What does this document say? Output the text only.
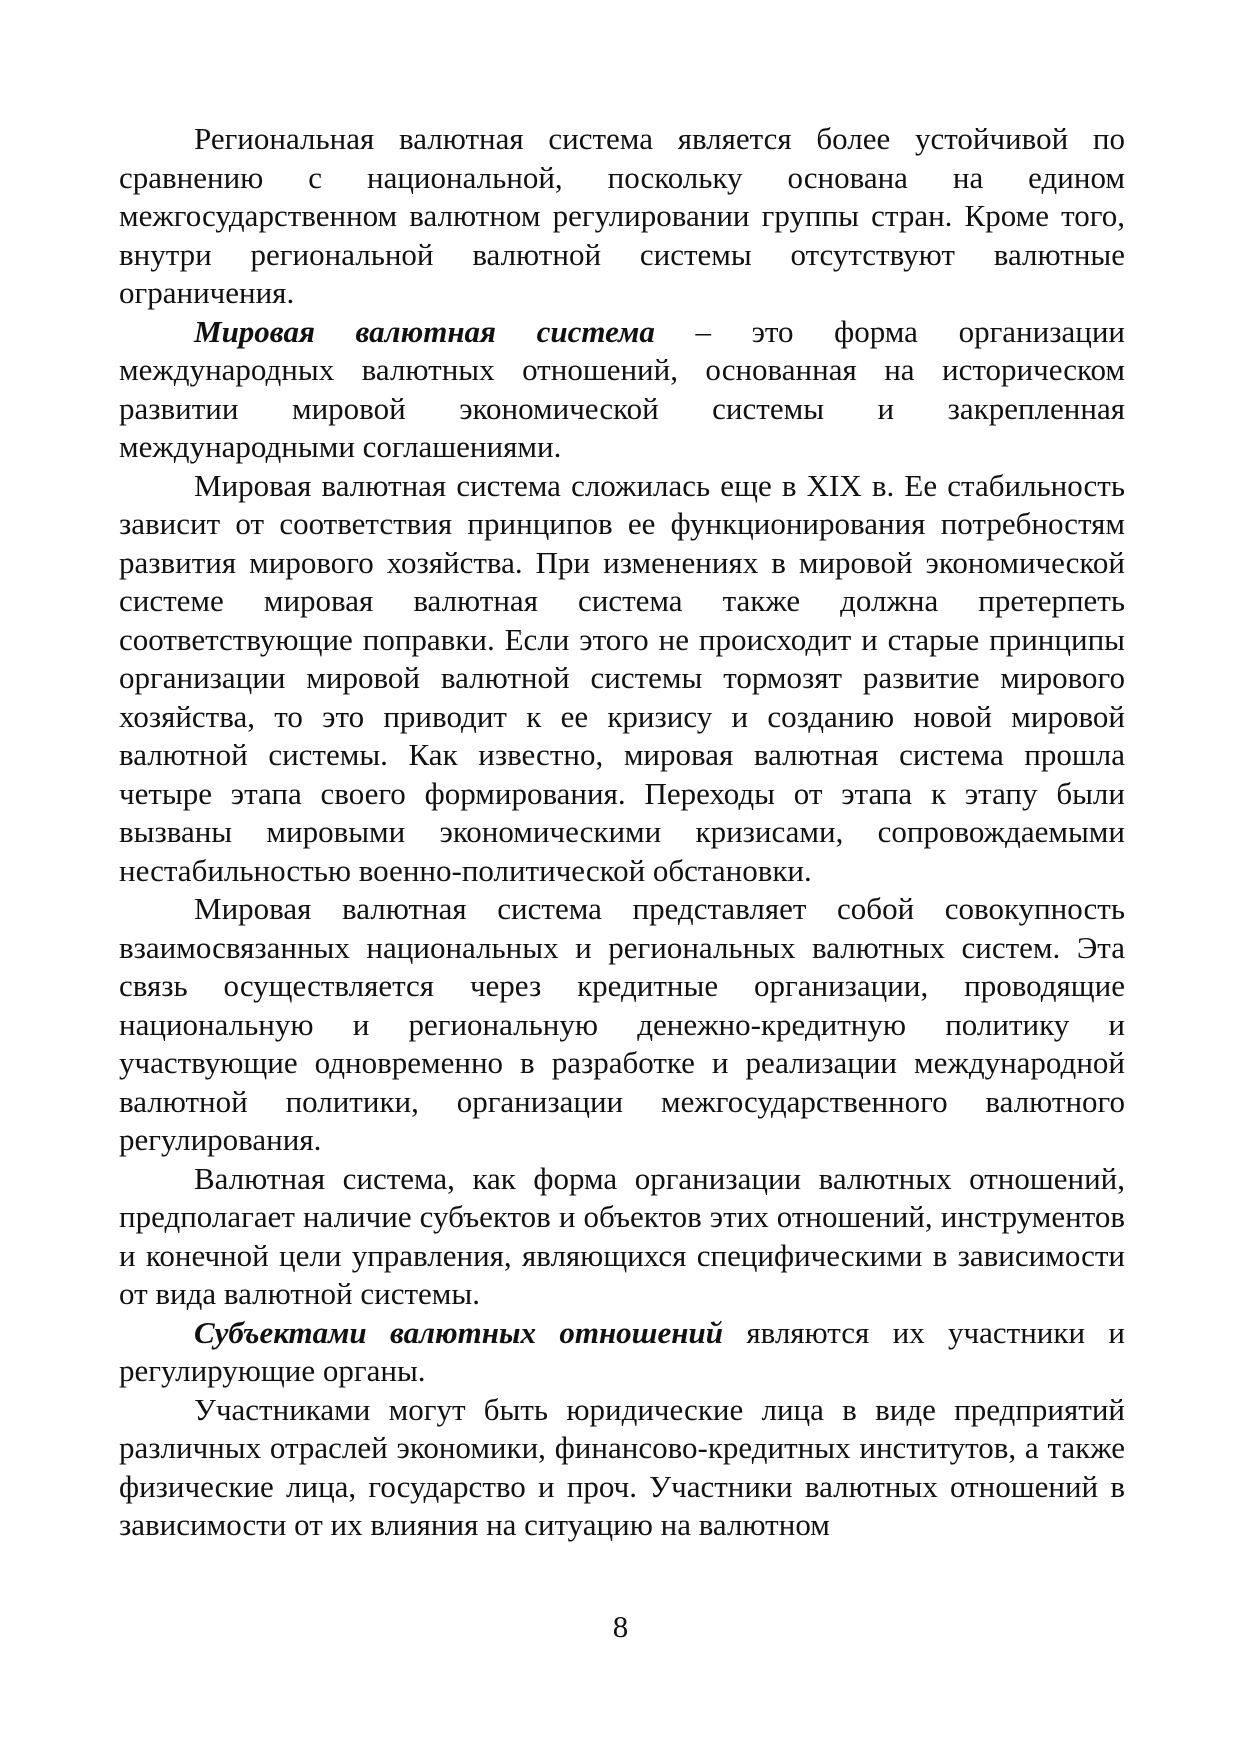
Региональная валютная система является более устойчивой по сравнению с национальной, поскольку основана на едином межгосударственном валютном регулировании группы стран. Кроме того, внутри региональной валютной системы отсутствуют валютные ограничения.

Мировая валютная система – это форма организации международных валютных отношений, основанная на историческом развитии мировой экономической системы и закрепленная международными соглашениями.

Мировая валютная система сложилась еще в XIX в. Ее стабильность зависит от соответствия принципов ее функционирования потребностям развития мирового хозяйства. При изменениях в мировой экономической системе мировая валютная система также должна претерпеть соответствующие поправки. Если этого не происходит и старые принципы организации мировой валютной системы тормозят развитие мирового хозяйства, то это приводит к ее кризису и созданию новой мировой валютной системы. Как известно, мировая валютная система прошла четыре этапа своего формирования. Переходы от этапа к этапу были вызваны мировыми экономическими кризисами, сопровождаемыми нестабильностью военно-политической обстановки.

Мировая валютная система представляет собой совокупность взаимосвязанных национальных и региональных валютных систем. Эта связь осуществляется через кредитные организации, проводящие национальную и региональную денежно-кредитную политику и участвующие одновременно в разработке и реализации международной валютной политики, организации межгосударственного валютного регулирования.

Валютная система, как форма организации валютных отношений, предполагает наличие субъектов и объектов этих отношений, инструментов и конечной цели управления, являющихся специфическими в зависимости от вида валютной системы.

Субъектами валютных отношений являются их участники и регулирующие органы.

Участниками могут быть юридические лица в виде предприятий различных отраслей экономики, финансово-кредитных институтов, а также физические лица, государство и проч. Участники валютных отношений в зависимости от их влияния на ситуацию на валютном

8
